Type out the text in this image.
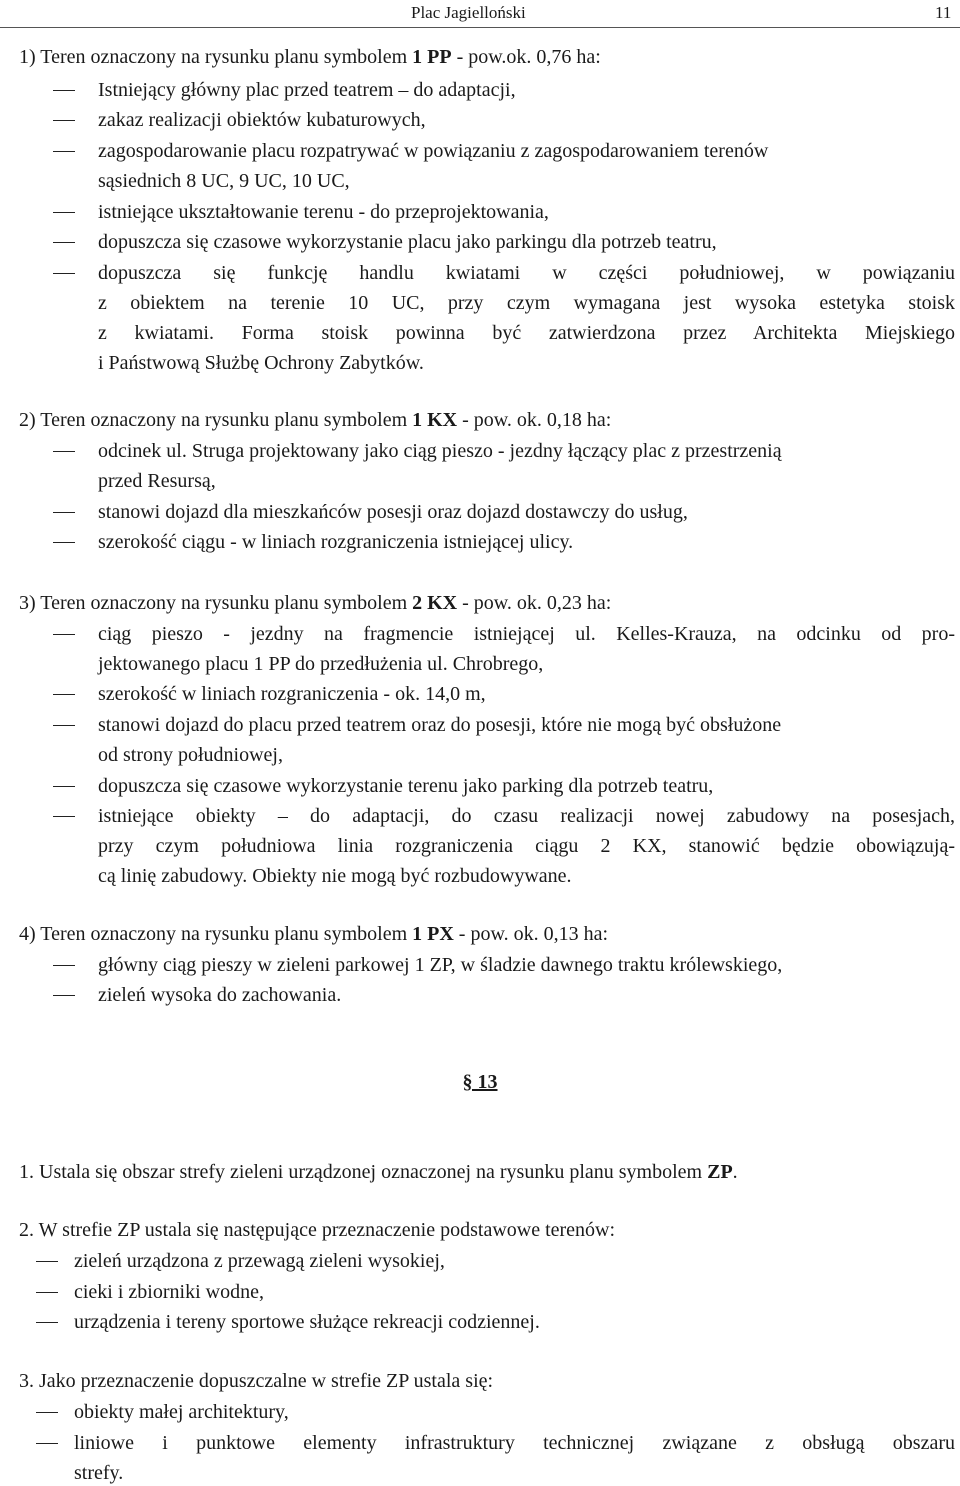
Plac Jagielloński	11
1) Teren oznaczony na rysunku planu symbolem 1 PP - pow.ok. 0,76 ha:
Istniejący główny plac przed teatrem – do adaptacji,
zakaz realizacji obiektów kubaturowych,
zagospodarowanie placu rozpatrywać w powiązaniu z zagospodarowaniem terenów
sąsiednich 8 UC, 9 UC, 10 UC,
istniejące ukształtowanie terenu - do przeprojektowania,
dopuszcza się czasowe wykorzystanie placu jako parkingu dla potrzeb teatru,
dopuszcza się funkcję handlu kwiatami w części południowej, w powiązaniu
z obiektem na terenie 10 UC, przy czym wymagana jest wysoka estetyka stoisk
z kwiatami. Forma stoisk powinna być zatwierdzona przez Architekta Miejskiego
i Państwową Służbę Ochrony Zabytków.
2) Teren oznaczony na rysunku planu symbolem 1 KX - pow. ok. 0,18 ha:
odcinek ul. Struga projektowany jako ciąg pieszo - jezdny łączący plac z przestrzenią
przed Resursą,
stanowi dojazd dla mieszkańców posesji oraz dojazd dostawczy do usług,
szerokość ciągu - w liniach rozgraniczenia istniejącej ulicy.
3) Teren oznaczony na rysunku planu symbolem 2 KX - pow. ok. 0,23 ha:
ciąg pieszo - jezdny na fragmencie istniejącej ul. Kelles-Krauza, na odcinku od pro-
jektowanego placu 1 PP do przedłużenia ul. Chrobrego,
szerokość w liniach rozgraniczenia - ok. 14,0 m,
stanowi dojazd do placu przed teatrem oraz do posesji, które nie mogą być obsłużone
od strony południowej,
dopuszcza się czasowe wykorzystanie terenu jako parking dla potrzeb teatru,
istniejące obiekty – do adaptacji, do czasu realizacji nowej zabudowy na posesjach,
przy czym południowa linia rozgraniczenia ciągu 2 KX, stanowić będzie obowiązują-
cą linię zabudowy. Obiekty nie mogą być rozbudowywane.
4) Teren oznaczony na rysunku planu symbolem 1 PX - pow. ok. 0,13 ha:
główny ciąg pieszy w zieleni parkowej 1 ZP, w śladzie dawnego traktu królewskiego,
zieleń wysoka do zachowania.
§ 13
1. Ustala się obszar strefy zieleni urządzonej oznaczonej na rysunku planu symbolem ZP.
2. W strefie ZP ustala się następujące przeznaczenie podstawowe terenów:
zieleń urządzona z przewagą zieleni wysokiej,
cieki i zbiorniki wodne,
urządzenia i tereny sportowe służące rekreacji codziennej.
3. Jako przeznaczenie dopuszczalne w strefie ZP ustala się:
obiekty małej architektury,
liniowe i punktowe elementy infrastruktury technicznej związane z obsługą obszaru
strefy.
